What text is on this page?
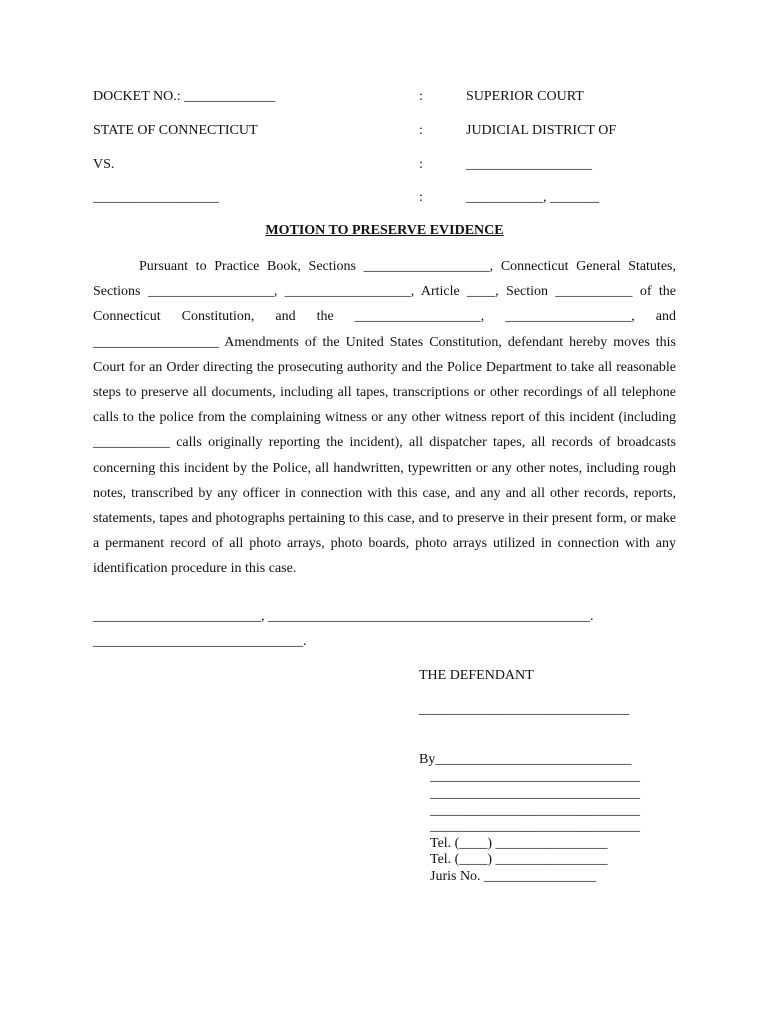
DOCKET NO.: _____________	:	SUPERIOR COURT
STATE OF CONNECTICUT	:	JUDICIAL DISTRICT OF
VS.	:	__________________
__________________	:	___________, _______
MOTION TO PRESERVE EVIDENCE

Pursuant to Practice Book, Sections __________________, Connecticut General Statutes, Sections __________________, __________________, Article ____, Section ___________ of the Connecticut Constitution, and the __________________, __________________, and __________________ Amendments of the United States Constitution, defendant hereby moves this Court for an Order directing the prosecuting authority and the Police Department to take all reasonable steps to preserve all documents, including all tapes, transcriptions or other recordings of all telephone calls to the police from the complaining witness or any other witness report of this incident (including ___________ calls originally reporting the incident), all dispatcher tapes, all records of broadcasts concerning this incident by the Police, all handwritten, typewritten or any other notes, including rough notes, transcribed by any officer in connection with this case, and any and all other records, reports, statements, tapes and photographs pertaining to this case, and to preserve in their present form, or make a permanent record of all photo arrays, photo boards, photo arrays utilized in connection with any identification procedure in this case.

________________________, ______________________________________________.
______________________________.
THE DEFENDANT
______________________________
By____________________________
______________________________
______________________________
______________________________
______________________________
Tel. (____) ________________
Tel. (____) ________________
Juris No. ________________
